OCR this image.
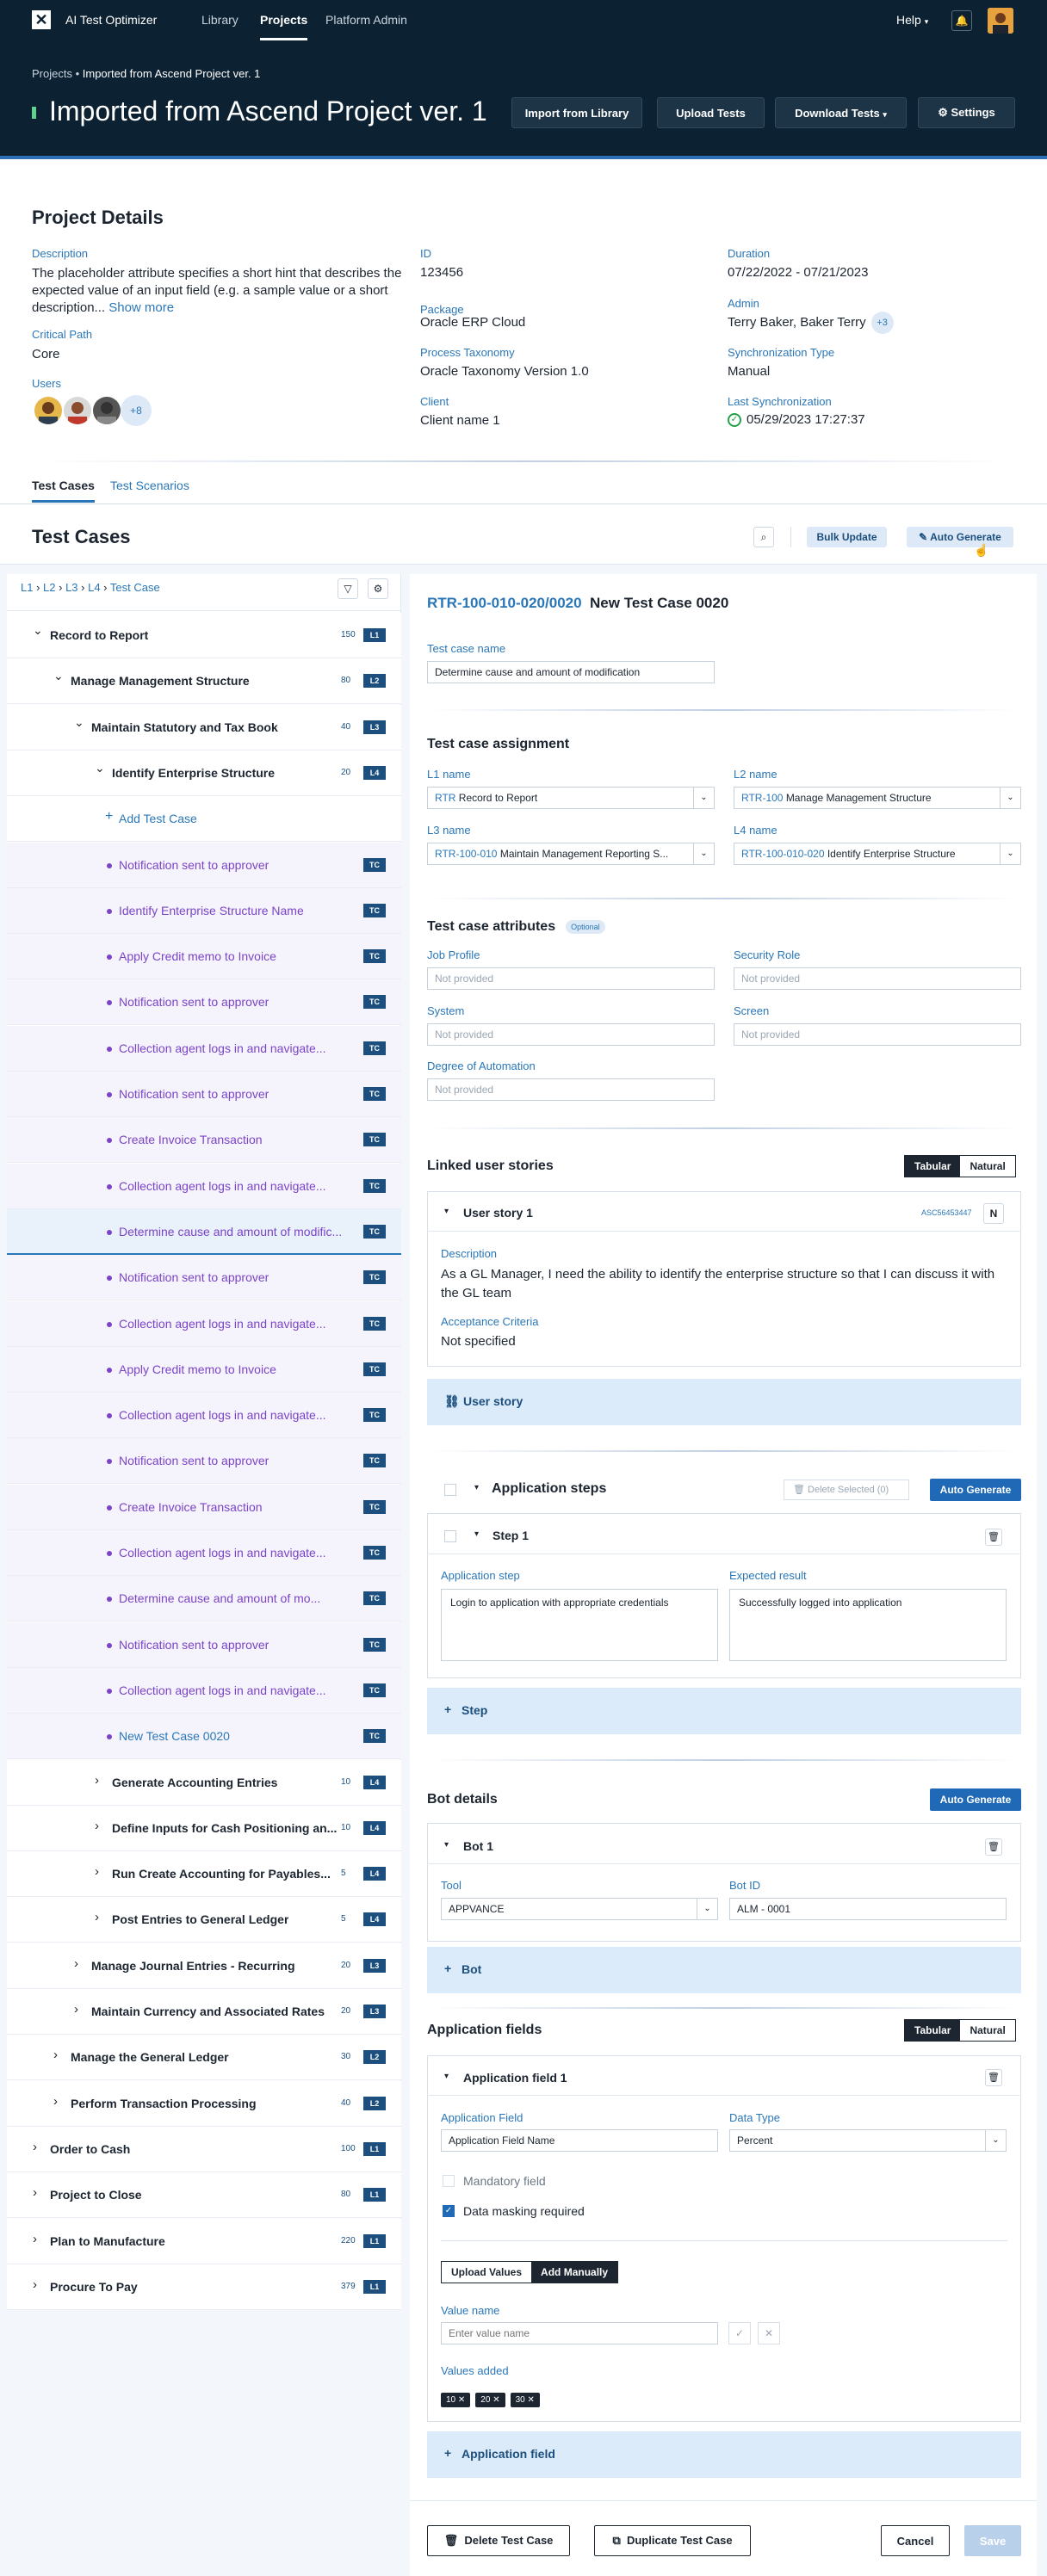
✕ AI Test Optimizer	Library Projects Platform Admin	Help ▾	🔔
Projects • Imported from Ascend Project ver. 1
Imported from Ascend Project ver. 1	Import from Library	Upload Tests	Download Tests ▾	⚙ Settings
Project Details
Description
The placeholder attribute specifies a short hint that describes the expected value of an input field (e.g. a sample value or a short description... Show more
Critical Path
Core
Users
+8
ID
123456
Package
Oracle ERP Cloud
Process Taxonomy
Oracle Taxonomy Version 1.0
Client
Client name 1
Duration
07/22/2022 - 07/21/2023
Admin
Terry Baker, Baker Terry +3
Synchronization Type
Manual
Last Synchronization
✓ 05/29/2023 17:27:37
Test Cases Test Scenarios
Test Cases	⌕	Bulk Update	✎ Auto Generate
☝
L1 › L2 › L3 › L4 › Test Case	▽	⚙
⌄ Record to Report	150	L1
⌄ Manage Management Structure	80	L2
⌄ Maintain Statutory and Tax Book	40	L3
⌄ Identify Enterprise Structure	20	L4
+ Add Test Case
Notification sent to approver	TC
Identify Enterprise Structure Name	TC
Apply Credit memo to Invoice	TC
Notification sent to approver	TC
Collection agent logs in and navigate...	TC
Notification sent to approver	TC
Create Invoice Transaction	TC
Collection agent logs in and navigate...	TC
Determine cause and amount of modific...	TC
Notification sent to approver	TC
Collection agent logs in and navigate...	TC
Apply Credit memo to Invoice	TC
Collection agent logs in and navigate...	TC
Notification sent to approver	TC
Create Invoice Transaction	TC
Collection agent logs in and navigate...	TC
Determine cause and amount of mo...	TC
Notification sent to approver	TC
Collection agent logs in and navigate...	TC
New Test Case 0020	TC
› Generate Accounting Entries	10	L4
› Define Inputs for Cash Positioning an... 10	L4
› Run Create Accounting for Payables... 5	L4
› Post Entries to General Ledger	5	L4
› Manage Journal Entries - Recurring	20	L3
› Maintain Currency and Associated Rates 20	L3
› Manage the General Ledger	30	L2
› Perform Transaction Processing	40	L2
› Order to Cash	100	L1
› Project to Close	80	L1
› Plan to Manufacture	220	L1
› Procure To Pay	379	L1
RTR-100-010-020/0020 New Test Case 0020
Test case name
Determine cause and amount of modification
Test case assignment
L1 name
RTR Record to Report	⌄
L2 name
RTR-100 Manage Management Structure	⌄
L3 name
RTR-100-010 Maintain Management Reporting S...	⌄
L4 name
RTR-100-010-020 Identify Enterprise Structure	⌄
Test case attributes Optional
Job Profile
Not provided
Security Role
Not provided
System
Not provided
Screen
Not provided
Degree of Automation
Not provided
Linked user stories	Tabular	Natural
▾ User story 1	ASC56453447	N
Description
As a GL Manager, I need the ability to identify the enterprise structure so that I can discuss it with the GL team
Acceptance Criteria
Not specified
⛓ User story
▾ Application steps	🗑 Delete Selected (0)	Auto Generate
▾ Step 1	🗑
Application step
Login to application with appropriate credentials
Expected result
Successfully logged into application
+ Step
Bot details	Auto Generate
▾ Bot 1	🗑
Tool
APPVANCE	⌄
Bot ID
ALM - 0001
+ Bot
Application fields	Tabular	Natural
▾ Application field 1	🗑
Application Field
Application Field Name
Data Type
Percent	⌄
Mandatory field
✓ Data masking required
Upload Values	Add Manually
Value name
Enter value name
✓	✕
Values added
10 ✕ 20 ✕ 30 ✕
+ Application field
🗑 Delete Test Case	⧉ Duplicate Test Case	Cancel	Save
